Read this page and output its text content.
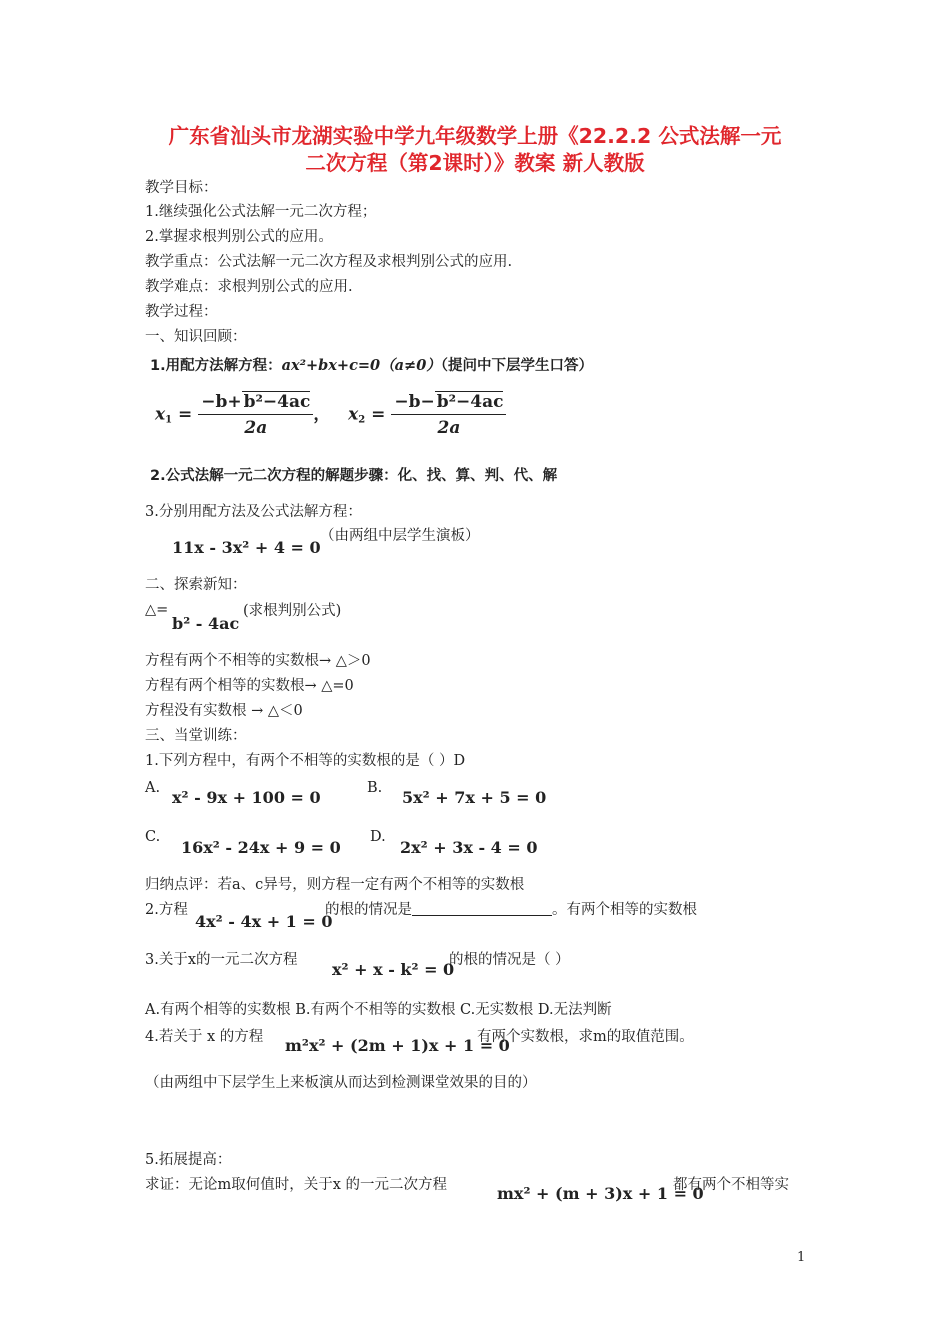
广东省汕头市龙湖实验中学九年级数学上册《22.2.2 公式法解一元
二次方程（第2课时）》教案 新人教版
教学目标：
1.继续强化公式法解一元二次方程；
2.掌握求根判别公式的应用。
教学重点：公式法解一元二次方程及求根判别公式的应用.
教学难点：求根判别公式的应用.
教学过程：
一、知识回顾：
1.用配方法解方程：ax²+bx+c=0（a≠0）（提问中下层学生口答）
$x_1 = \frac{\text{−b+ b²−4ac}}{2a}$ ， $x_2 = \frac{\text{−b− b²−4ac}}{2a}$
2.公式法解一元二次方程的解题步骤：化、找、算、判、代、解
3.分别用配方法及公式法解方程：
11x - 3x² + 4 = 0
（由两组中层学生演板）
二、探索新知：
△=
b² - 4ac
(求根判别公式)
方程有两个不相等的实数根→ △＞0
方程有两个相等的实数根→ △=0
方程没有实数根 → △＜0
三、当堂训练：
1.下列方程中，有两个不相等的实数根的是（ ）D
A. x² - 9x + 100 = 0	B. 5x² + 7x + 5 = 0
C.
16x² - 24x + 9 = 0
D.
2x² + 3x - 4 = 0
归纳点评：若a、c异号，则方程一定有两个不相等的实数根
2.方程
4x² - 4x + 1 = 0
的根的情况是	。有两个相等的实数根
3.关于x的一元二次方程 x² + x - k² = 0
的根的情况是（ ）
A.有两个相等的实数根 B.有两个不相等的实数根 C.无实数根 D.无法判断
4.若关于 x 的方程 m²x² + (2m + 1)x + 1 = 0
有两个实数根，求m的取值范围。
（由两组中下层学生上来板演从而达到检测课堂效果的目的）
5.拓展提高：
求证：无论m取何值时，关于x 的一元二次方程	mx² + (m + 3)x + 1 = 0
都有两个不相等实
1
